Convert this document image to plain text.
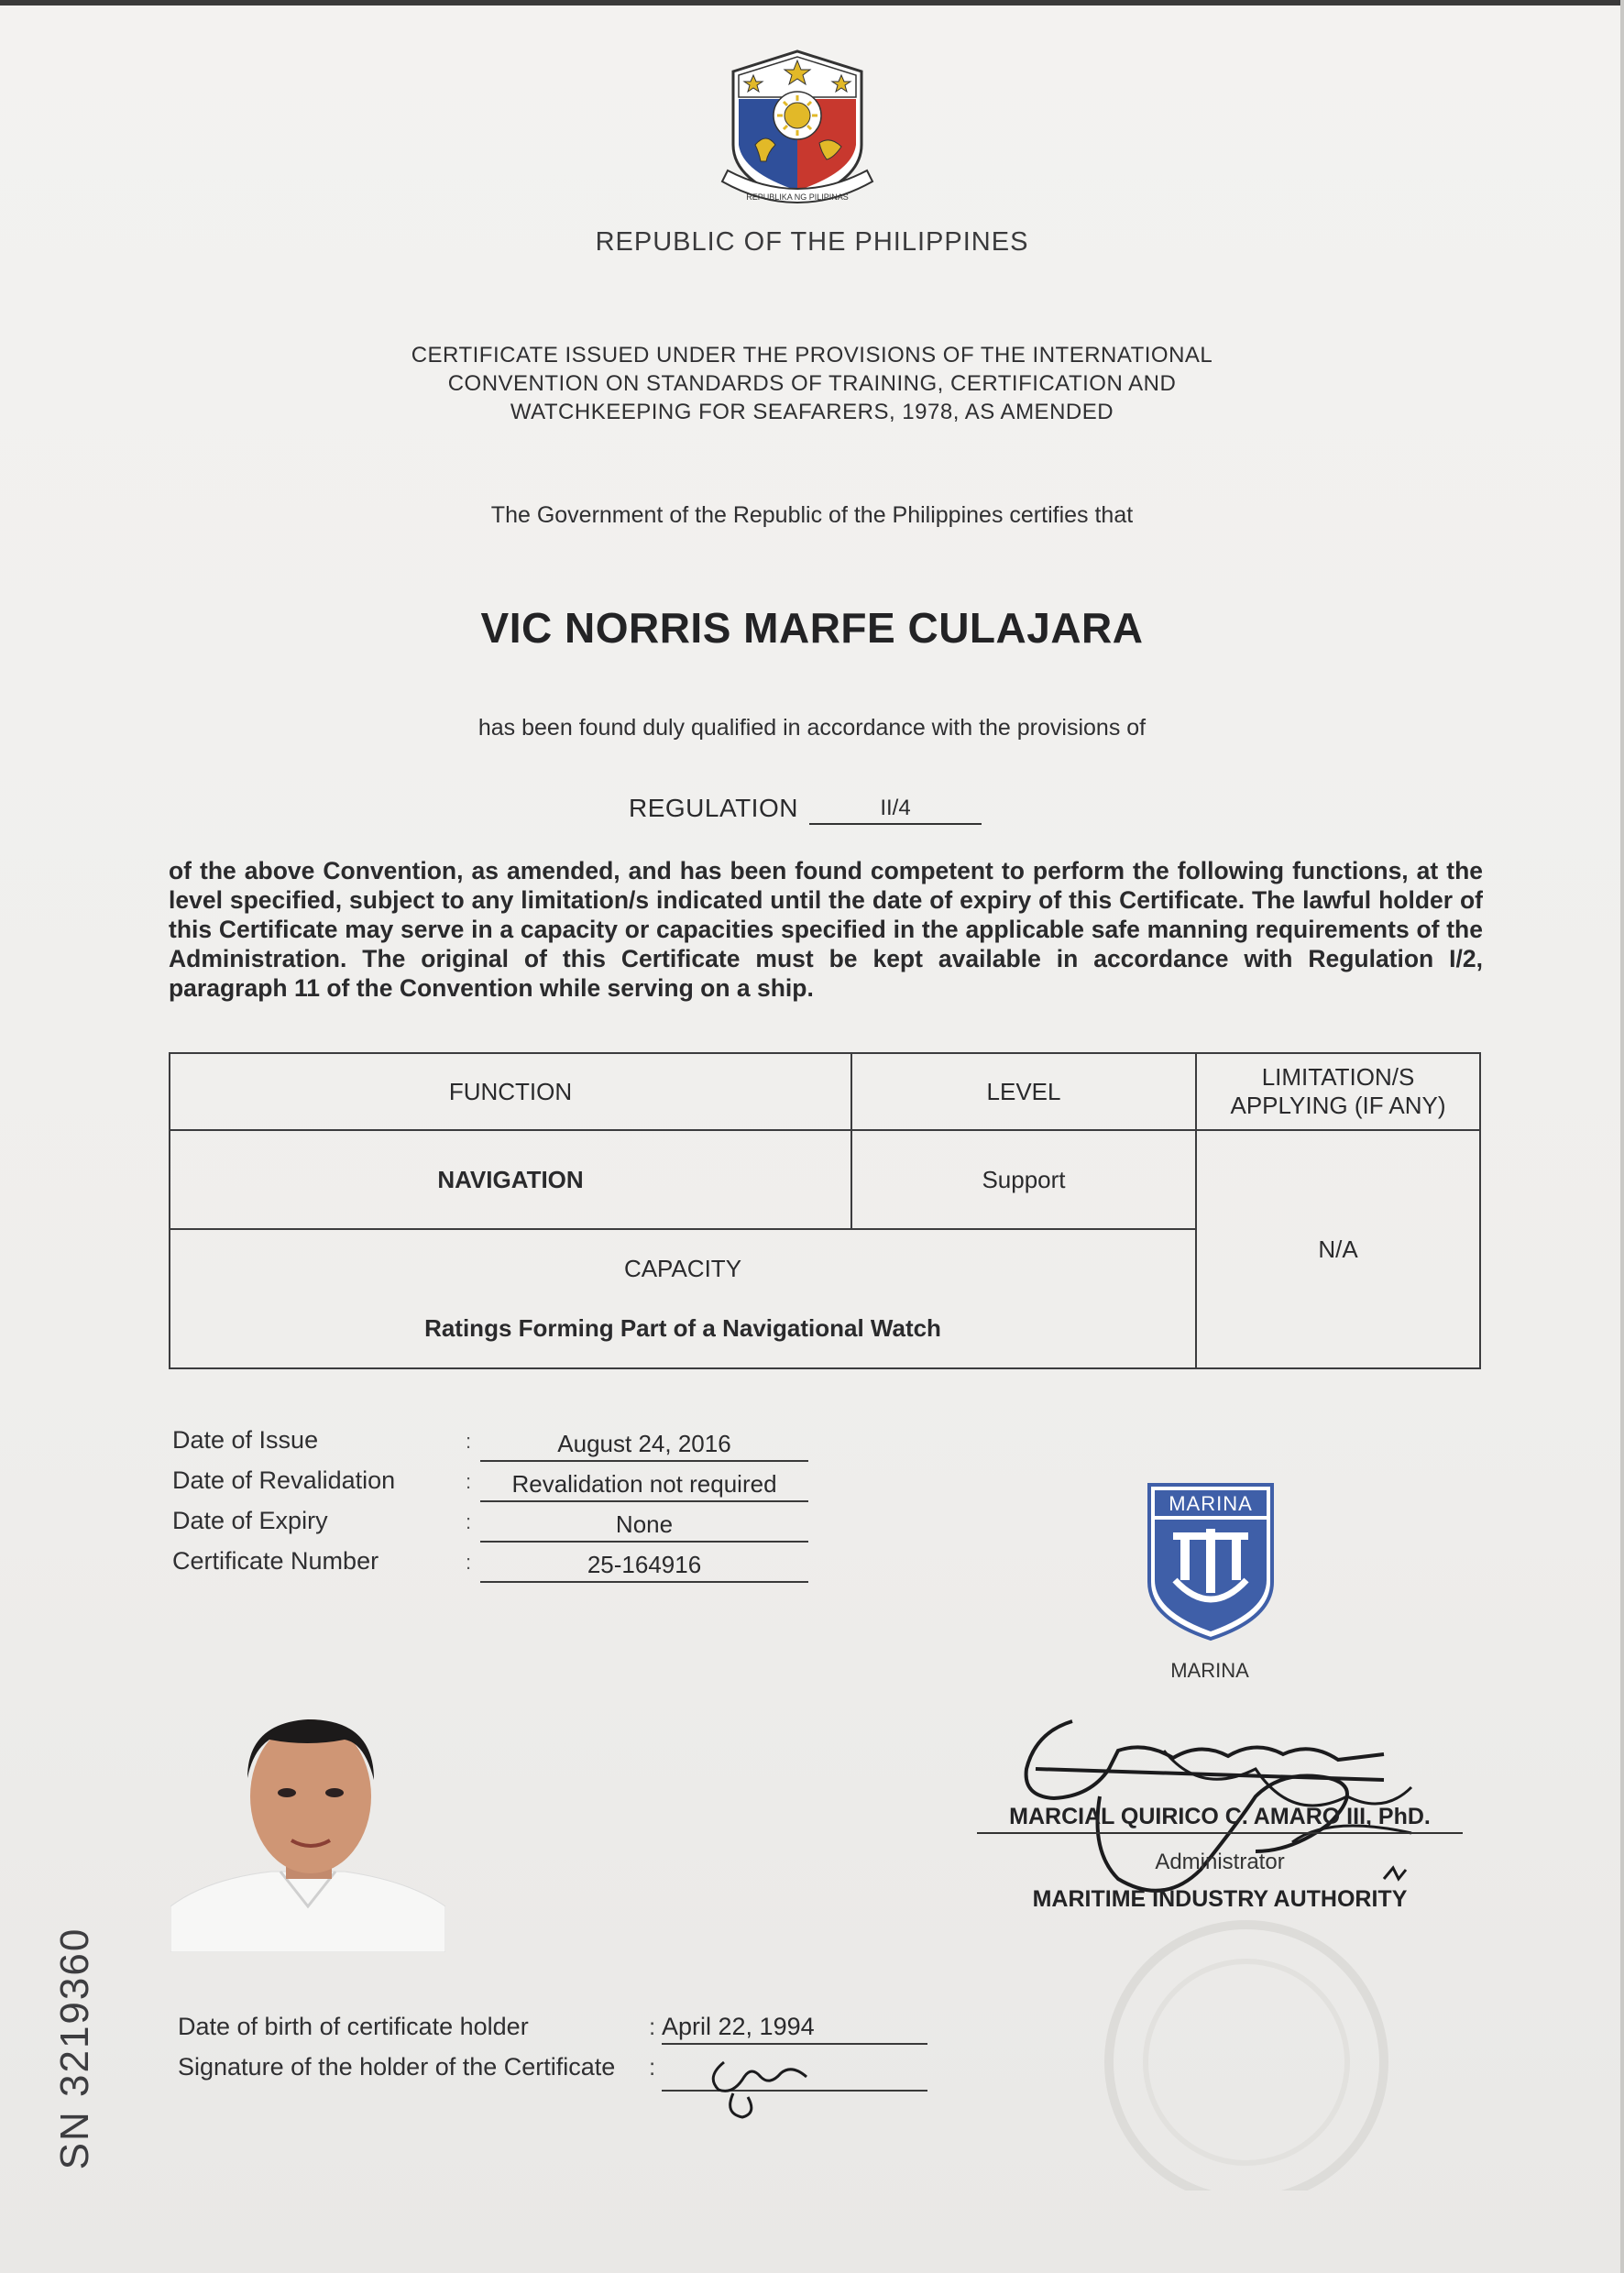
REPUBLIKA NG PILIPINAS
REPUBLIC OF THE PHILIPPINES
CERTIFICATE ISSUED UNDER THE PROVISIONS OF THE INTERNATIONAL
CONVENTION ON STANDARDS OF TRAINING, CERTIFICATION AND
WATCHKEEPING FOR SEAFARERS, 1978, AS AMENDED
The Government of the Republic of the Philippines certifies that
VIC NORRIS MARFE CULAJARA
has been found duly qualified in accordance with the provisions of
REGULATION	II/4
of the above Convention, as amended, and has been found competent to perform the following functions, at the level specified, subject to any limitation/s indicated until the date of expiry of this Certificate. The lawful holder of this Certificate may serve in a capacity or capacities specified in the applicable safe manning requirements of the Administration. The original of this Certificate must be kept available in accordance with Regulation I/2, paragraph 11 of the Convention while serving on a ship.
FUNCTION	LEVEL	LIMITATION/S APPLYING (IF ANY)
NAVIGATION	Support	N/A

CAPACITY
Ratings Forming Part of a Navigational Watch		
Date of Issue	:	August 24, 2016
Date of Revalidation	:	Revalidation not required
Date of Expiry	:	None
Certificate Number	:	25-164916
MARINA
MARINA
MARCIAL QUIRICO C. AMARO III, PhD.
Administrator
MARITIME INDUSTRY AUTHORITY
SN 3219360	Date of birth of certificate holder	: April 22, 1994
Signature of the holder of the Certificate :
